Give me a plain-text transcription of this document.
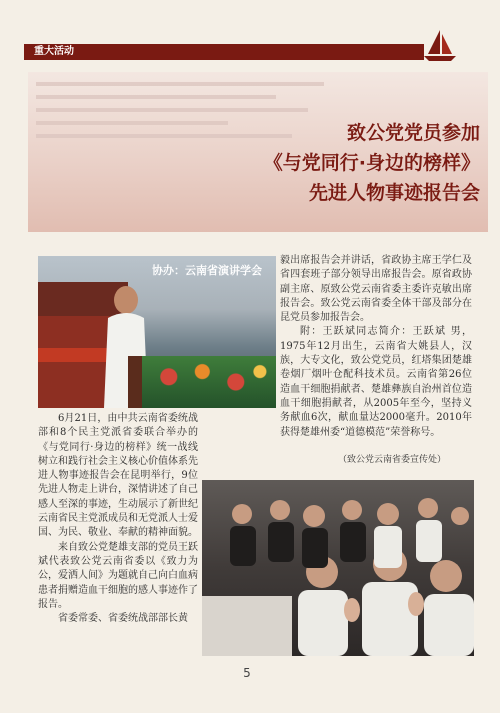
重大活动
致公党党员参加
《与党同行·身边的榜样》
先进人物事迹报告会
协办：云南省演讲学会

毅出席报告会并讲话，省政协主席王学仁及省四套班子部分领导出席报告会。原省政协副主席、原致公党云南省委主委许克敏出席报告会。致公党云南省委全体干部及部分在昆党员参加报告会。

附：王跃斌同志简介：王跃斌 男，1975年12月出生，云南省大姚县人，汉族，大专文化，致公党党员，红塔集团楚雄卷烟厂烟叶仓配科技术员。云南省第26位造血干细胞捐献者、楚雄彝族自治州首位造血干细胞捐献者，从2005年至今，坚持义务献血6次，献血量达2000毫升。2010年获得楚雄州委“道德模范”荣誉称号。

（致公党云南省委宣传处）

6月21日，由中共云南省委统战部和8个民主党派省委联合举办的《与党同行·身边的榜样》统一战线树立和践行社会主义核心价值体系先进人物事迹报告会在昆明举行，9位先进人物走上讲台，深情讲述了自己感人至深的事迹，生动展示了新世纪云南省民主党派成员和无党派人士爱国、为民、敬业、奉献的精神面貌。

来自致公党楚雄支部的党员王跃斌代表致公党云南省委以《致力为公，爱洒人间》为题就自己向白血病患者捐赠造血干细胞的感人事迹作了报告。

省委常委、省委统战部部长黄

5
